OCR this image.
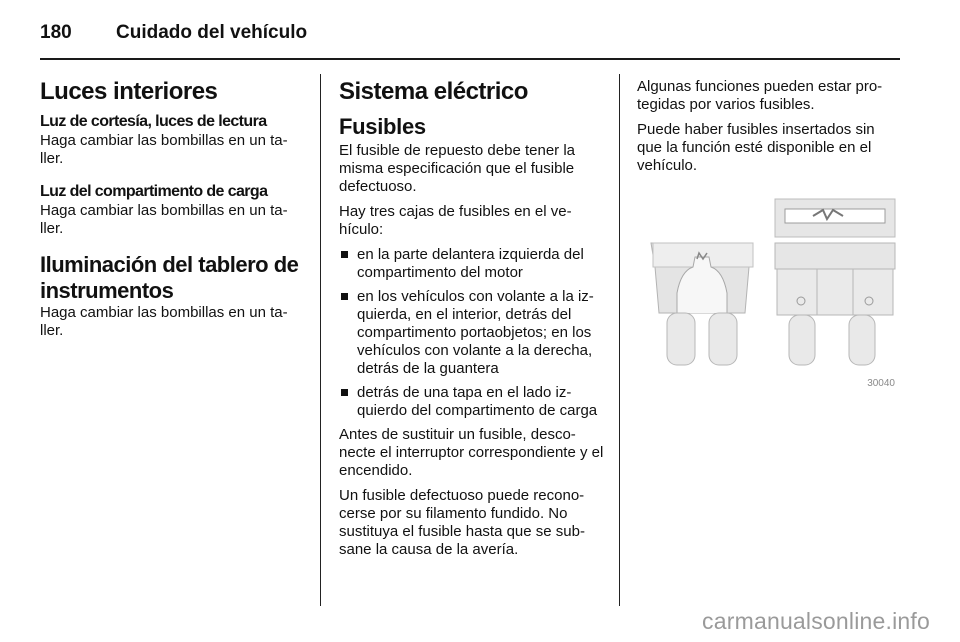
180 Cuidado del vehículo
Luces interiores
Luz de cortesía, luces de lectura

Haga cambiar las bombillas en un ta-ller.

Luz del compartimento de carga

Haga cambiar las bombillas en un ta-ller.

Iluminación del tablero de instrumentos

Haga cambiar las bombillas en un ta-ller.

Sistema eléctrico
Fusibles

El fusible de repuesto debe tener la misma especificación que el fusible defectuoso.

Hay tres cajas de fusibles en el ve-hículo:

en la parte delantera izquierda del compartimento del motor
en los vehículos con volante a la iz-quierda, en el interior, detrás del compartimento portaobjetos; en los vehículos con volante a la derecha, detrás de la guantera
detrás de una tapa en el lado iz-quierdo del compartimento de carga

Antes de sustituir un fusible, desco-necte el interruptor correspondiente y el encendido.

Un fusible defectuoso puede recono-cerse por su filamento fundido. No sustituya el fusible hasta que se sub-sane la causa de la avería.

Algunas funciones pueden estar pro-tegidas por varios fusibles.

Puede haber fusibles insertados sin que la función esté disponible en el vehículo.

30040
carmanualsonline.info
